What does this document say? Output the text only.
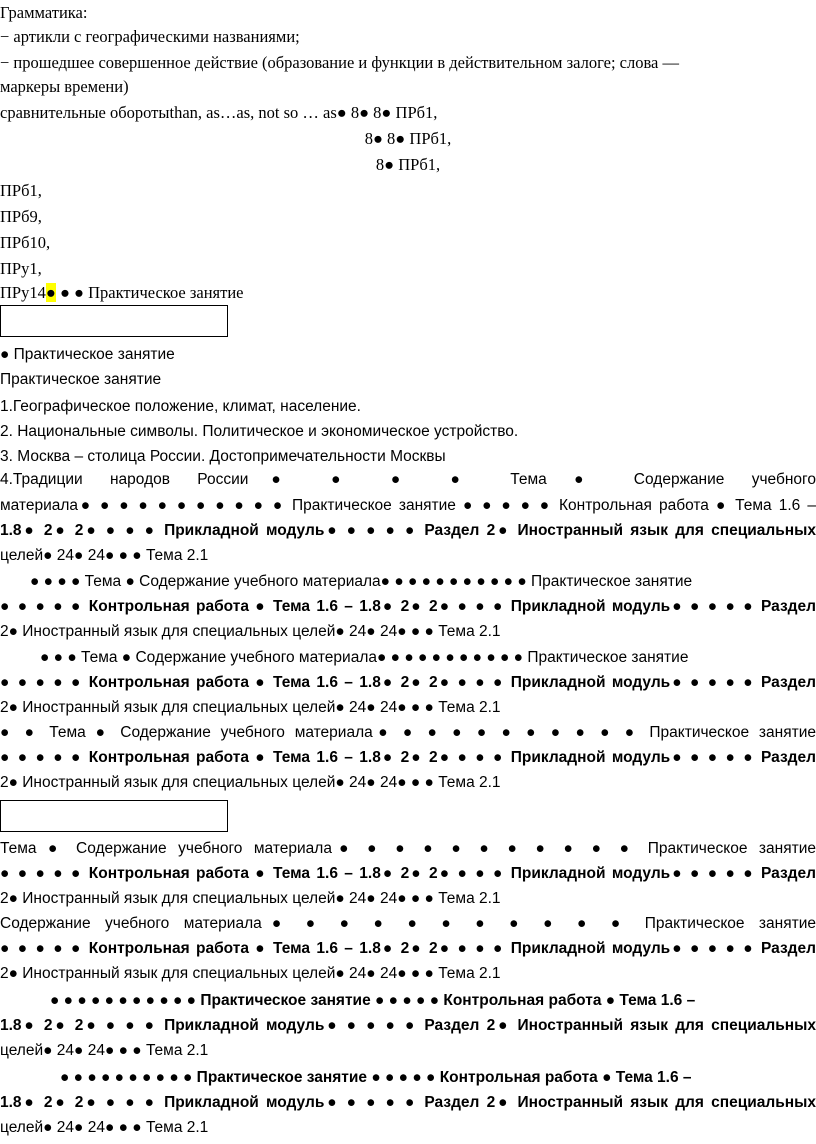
Грамматика:
− артикли с географическими названиями;
− прошедшее совершенное действие (образование и функции в действительном залоге; слова —
маркеры времени)
сравнительные оборотыthan, as…as, not so … as● 8● 8● ПРб1,
8● 8● ПРб1,
8● ПРб1,
ПРб1,
ПРб9,
ПРб10,
ПРу1,
ПРу14● ● ● Практическое занятие
● Практическое занятие
Практическое занятие
1.Географическое положение, климат, население.
2. Национальные символы. Политическое и экономическое устройство.
3. Москва – столица России. Достопримечательности Москвы
4.Традиции народов России● ● ● ● Тема ● Содержание учебного
материала● ● ● ● ● ● ● ● ● ● ● Практическое занятие ● ● ● ● ● Контрольная работа ● Тема 1.6 –
1.8● 2● 2● ● ● ● Прикладной модуль● ● ● ● ● Раздел 2● Иностранный язык для специальных
целей● 24● 24● ● ● Тема 2.1
● ● ● ● Тема ● Содержание учебного материала● ● ● ● ● ● ● ● ● ● ● Практическое занятие
● ● ● ● ● Контрольная работа ● Тема 1.6 – 1.8● 2● 2● ● ● ● Прикладной модуль● ● ● ● ● Раздел
2● Иностранный язык для специальных целей● 24● 24● ● ● Тема 2.1
● ● ● Тема ● Содержание учебного материала● ● ● ● ● ● ● ● ● ● ● Практическое занятие
● ● ● ● ● Контрольная работа ● Тема 1.6 – 1.8● 2● 2● ● ● ● Прикладной модуль● ● ● ● ● Раздел
2● Иностранный язык для специальных целей● 24● 24● ● ● Тема 2.1
● ● Тема ● Содержание учебного материала● ● ● ● ● ● ● ● ● ● ● Практическое занятие
● ● ● ● ● Контрольная работа ● Тема 1.6 – 1.8● 2● 2● ● ● ● Прикладной модуль● ● ● ● ● Раздел
2● Иностранный язык для специальных целей● 24● 24● ● ● Тема 2.1
Тема ● Содержание учебного материала● ● ● ● ● ● ● ● ● ● ● Практическое занятие
● ● ● ● ● Контрольная работа ● Тема 1.6 – 1.8● 2● 2● ● ● ● Прикладной модуль● ● ● ● ● Раздел
2● Иностранный язык для специальных целей● 24● 24● ● ● Тема 2.1
Содержание учебного материала● ● ● ● ● ● ● ● ● ● ● Практическое занятие
● ● ● ● ● Контрольная работа ● Тема 1.6 – 1.8● 2● 2● ● ● ● Прикладной модуль● ● ● ● ● Раздел
2● Иностранный язык для специальных целей● 24● 24● ● ● Тема 2.1
● ● ● ● ● ● ● ● ● ● ● Практическое занятие ● ● ● ● ● Контрольная работа ● Тема 1.6 –
1.8● 2● 2● ● ● ● Прикладной модуль● ● ● ● ● Раздел 2● Иностранный язык для специальных
целей● 24● 24● ● ● Тема 2.1
● ● ● ● ● ● ● ● ● ● Практическое занятие ● ● ● ● ● Контрольная работа ● Тема 1.6 –
1.8● 2● 2● ● ● ● Прикладной модуль● ● ● ● ● Раздел 2● Иностранный язык для специальных
целей● 24● 24● ● ● Тема 2.1
